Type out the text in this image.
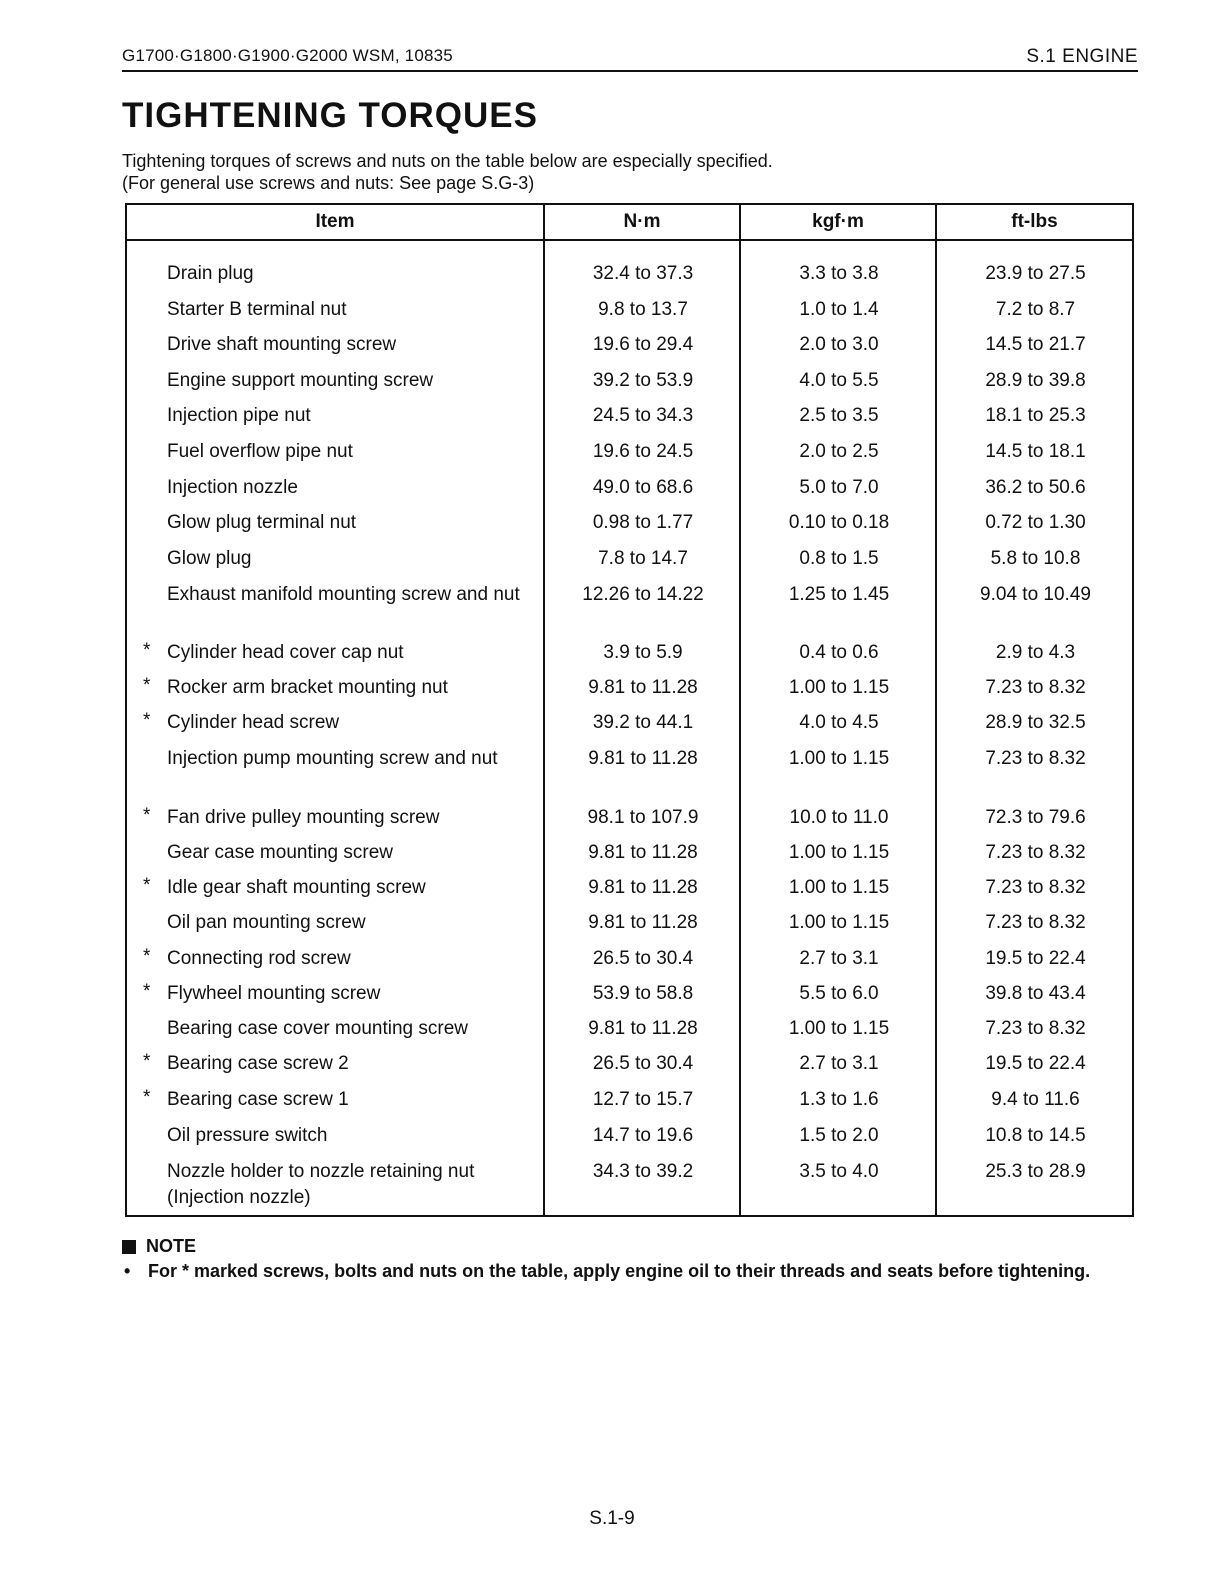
G1700·G1800·G1900·G2000 WSM, 10835	S.1 ENGINE
TIGHTENING TORQUES
Tightening torques of screws and nuts on the table below are especially specified.
(For general use screws and nuts: See page S.G-3)
Item	N·m	kgf·m	ft-lbs
Drain plug	32.4 to 37.3	3.3 to 3.8	23.9 to 27.5
Starter B terminal nut	9.8 to 13.7	1.0 to 1.4	7.2 to 8.7
Drive shaft mounting screw	19.6 to 29.4	2.0 to 3.0	14.5 to 21.7
Engine support mounting screw	39.2 to 53.9	4.0 to 5.5	28.9 to 39.8
Injection pipe nut	24.5 to 34.3	2.5 to 3.5	18.1 to 25.3
Fuel overflow pipe nut	19.6 to 24.5	2.0 to 2.5	14.5 to 18.1
Injection nozzle	49.0 to 68.6	5.0 to 7.0	36.2 to 50.6
Glow plug terminal nut	0.98 to 1.77	0.10 to 0.18	0.72 to 1.30
Glow plug	7.8 to 14.7	0.8 to 1.5	5.8 to 10.8
Exhaust manifold mounting screw and nut	12.26 to 14.22	1.25 to 1.45	9.04 to 10.49
* Cylinder head cover cap nut	3.9 to 5.9	0.4 to 0.6	2.9 to 4.3
* Rocker arm bracket mounting nut	9.81 to 11.28	1.00 to 1.15	7.23 to 8.32
* Cylinder head screw	39.2 to 44.1	4.0 to 4.5	28.9 to 32.5
Injection pump mounting screw and nut	9.81 to 11.28	1.00 to 1.15	7.23 to 8.32
* Fan drive pulley mounting screw	98.1 to 107.9	10.0 to 11.0	72.3 to 79.6
Gear case mounting screw	9.81 to 11.28	1.00 to 1.15	7.23 to 8.32
* Idle gear shaft mounting screw	9.81 to 11.28	1.00 to 1.15	7.23 to 8.32
Oil pan mounting screw	9.81 to 11.28	1.00 to 1.15	7.23 to 8.32
* Connecting rod screw	26.5 to 30.4	2.7 to 3.1	19.5 to 22.4
* Flywheel mounting screw	53.9 to 58.8	5.5 to 6.0	39.8 to 43.4
Bearing case cover mounting screw	9.81 to 11.28	1.00 to 1.15	7.23 to 8.32
* Bearing case screw 2	26.5 to 30.4	2.7 to 3.1	19.5 to 22.4
* Bearing case screw 1	12.7 to 15.7	1.3 to 1.6	9.4 to 11.6
Oil pressure switch	14.7 to 19.6	1.5 to 2.0	10.8 to 14.5
Nozzle holder to nozzle retaining nut (Injection nozzle)
34.3 to 39.2	3.5 to 4.0	25.3 to 28.9
NOTE
• For * marked screws, bolts and nuts on the table, apply engine oil to their threads and seats before tightening.
S.1-9
